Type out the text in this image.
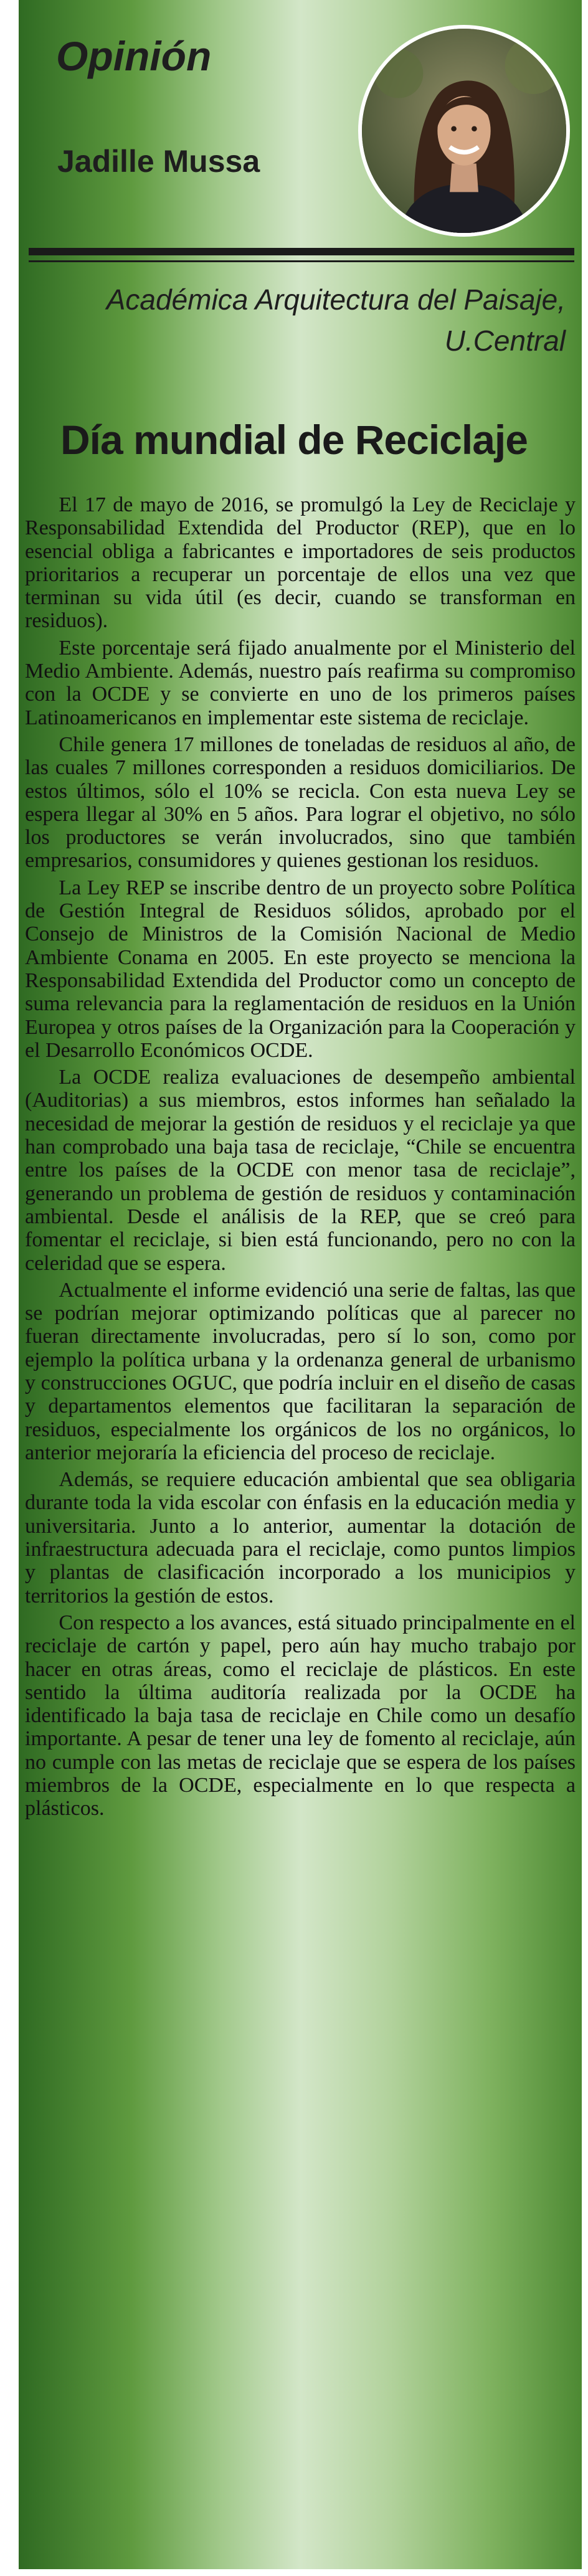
Opinión
Jadille Mussa

Académica Arquitectura del Paisaje,
U.Central

Día mundial de Reciclaje

El 17 de mayo de 2016, se promulgó la Ley de Reciclaje y Responsabilidad Extendida del Productor (REP), que en lo esencial obliga a fabricantes e importadores de seis productos prioritarios a recuperar un porcentaje de ellos una vez que terminan su vida útil (es decir, cuando se transforman en residuos).

Este porcentaje será fijado anualmente por el Ministerio del Medio Ambiente. Además, nuestro país reafirma su compromiso con la OCDE y se convierte en uno de los primeros países Latinoamericanos en implementar este sistema de reciclaje.

Chile genera 17 millones de toneladas de residuos al año, de las cuales 7 millones corresponden a residuos domiciliarios. De estos últimos, sólo el 10% se recicla. Con esta nueva Ley se espera llegar al 30% en 5 años. Para lograr el objetivo, no sólo los productores se verán involucrados, sino que también empresarios, consumidores y quienes gestionan los residuos.

La Ley REP se inscribe dentro de un proyecto sobre Política de Gestión Integral de Residuos sólidos, aprobado por el Consejo de Ministros de la Comisión Nacional de Medio Ambiente Conama en 2005. En este proyecto se menciona la Responsabilidad Extendida del Productor como un concepto de suma relevancia para la reglamentación de residuos en la Unión Europea y otros países de la Organización para la Cooperación y el Desarrollo Económicos OCDE.

La OCDE realiza evaluaciones de desempeño ambiental (Auditorias) a sus miembros, estos informes han señalado la necesidad de mejorar la gestión de residuos y el reciclaje ya que han comprobado una baja tasa de reciclaje, “Chile se encuentra entre los países de la OCDE con menor tasa de reciclaje”, generando un problema de gestión de residuos y contaminación ambiental. Desde el análisis de la REP, que se creó para fomentar el reciclaje, si bien está funcionando, pero no con la celeridad que se espera.

Actualmente el informe evidenció una serie de faltas, las que se podrían mejorar optimizando políticas que al parecer no fueran directamente involucradas, pero sí lo son, como por ejemplo la política urbana y la ordenanza general de urbanismo y construcciones OGUC, que podría incluir en el diseño de casas y departamentos elementos que facilitaran la separación de residuos, especialmente los orgánicos de los no orgánicos, lo anterior mejoraría la eficiencia del proceso de reciclaje.

Además, se requiere educación ambiental que sea obligaria durante toda la vida escolar con énfasis en la educación media y universitaria. Junto a lo anterior, aumentar la dotación de infraestructura adecuada para el reciclaje, como puntos limpios y plantas de clasificación incorporado a los municipios y territorios la gestión de estos.

Con respecto a los avances, está situado principalmente en el reciclaje de cartón y papel, pero aún hay mucho trabajo por hacer en otras áreas, como el reciclaje de plásticos. En este sentido la última auditoría realizada por la OCDE ha identificado la baja tasa de reciclaje en Chile como un desafío importante. A pesar de tener una ley de fomento al reciclaje, aún no cumple con las metas de reciclaje que se espera de los países miembros de la OCDE, especialmente en lo que respecta a plásticos.
